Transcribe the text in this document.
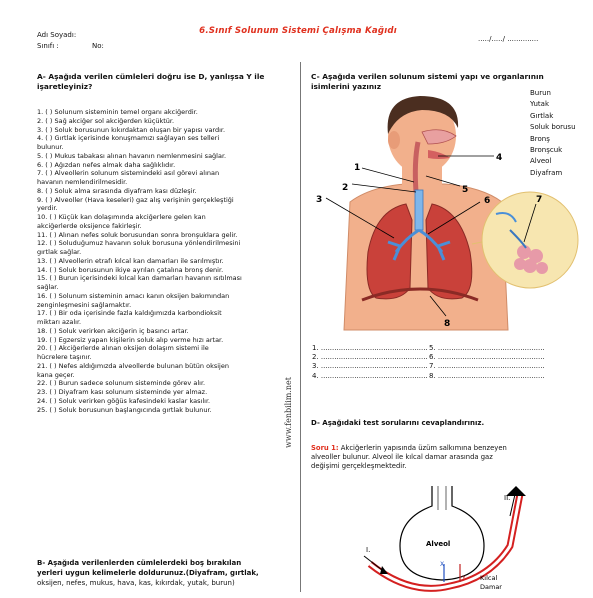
Adı Soyadı:
Sınıfı :	No:
6.Sınıf Solunum Sistemi Çalışma Kağıdı
...../...../ ..............
A- Aşağıda verilen cümleleri doğru ise D, yanlışsa Y ile
işaretleyiniz?
1. ( ) Solunum sisteminin temel organı akciğerdir.
2. ( ) Sağ akciğer sol akciğerden küçüktür.
3. ( ) Soluk borusunun kıkırdaktan oluşan bir yapısı vardır.
4. ( ) Gırtlak içerisinde konuşmamızı sağlayan ses telleri
bulunur.
5. ( ) Mukus tabakası alınan havanın nemlenmesini sağlar.
6. ( ) Ağızdan nefes almak daha sağlıklıdır.
7. ( ) Alveollerin solunum sistemindeki asıl görevi alınan
havanın nemlendirilmesidir.
8. ( ) Soluk alma sırasında diyafram kası düzleşir.
9. ( ) Alveoller (Hava keseleri) gaz alış verişinin gerçekleştiği
yerdir.
10. ( ) Küçük kan dolaşımında akciğerlere gelen kan
akciğerlerde oksijence fakirleşir.
11. ( ) Alınan nefes soluk borusundan sonra bronşuklara gelir.
12. ( ) Soluduğumuz havanın soluk borusuna yönlendirilmesini
gırtlak sağlar.
13. ( ) Alveollerin etrafı kılcal kan damarları ile sarılmıştır.
14. ( ) Soluk borusunun ikiye ayrılan çatalına bronş denir.
15. ( ) Burun içerisindeki kılcal kan damarları havanın ısıtılması
sağlar.
16. ( ) Solunum sisteminin amacı kanın oksijen bakımından
zenginleşmesini sağlamaktır.
17. ( ) Bir oda içerisinde fazla kaldığımızda karbondioksit
miktarı azalır.
18. ( ) Soluk verirken akciğerin iç basıncı artar.
19. ( ) Egzersiz yapan kişilerin soluk alıp verme hızı artar.
20. ( ) Akciğerlerde alınan oksijen dolaşım sistemi ile
hücrelere taşınır.
21. ( ) Nefes aldığımızda alveollerde bulunan bütün oksijen
kana geçer.
22. ( ) Burun sadece solunum sisteminde görev alır.
23. ( ) Diyafram kası solunum sisteminde yer almaz.
24. ( ) Soluk verirken göğüs kafesindeki kaslar kasılır.
25. ( ) Soluk borusunun başlangıcında gırtlak bulunur.
B- Aşağıda verilenlerden cümlelerdeki boş bırakılan
yerleri uygun kelimelerle doldurunuz.(Diyafram, gırtlak,
oksijen, nefes, mukus, hava, kas, kıkırdak, yutak, burun)
www.fenbilim.net
C- Aşağıda verilen solunum sistemi yapı ve organlarının
isimlerini yazınız
Burun
Yutak
Gırtlak
Soluk borusu
Bronş
Bronşcuk
Alveol
Diyafram
4
1
2	5
3	6	7
8
1. ................................................
2. ................................................
3. ................................................
4. ................................................
5. ................................................
6. ................................................
7. ................................................
8. ................................................
D- Aşağıdaki test sorularını cevaplandırınız.
Soru 1: Akciğerlerin yapısında üzüm salkımına benzeyen
alveoller bulunur. Alveol ile kılcal damar arasında gaz
değişimi gerçekleşmektedir.
Alveol
I.
II.
X
Y Kılcal
Damar
